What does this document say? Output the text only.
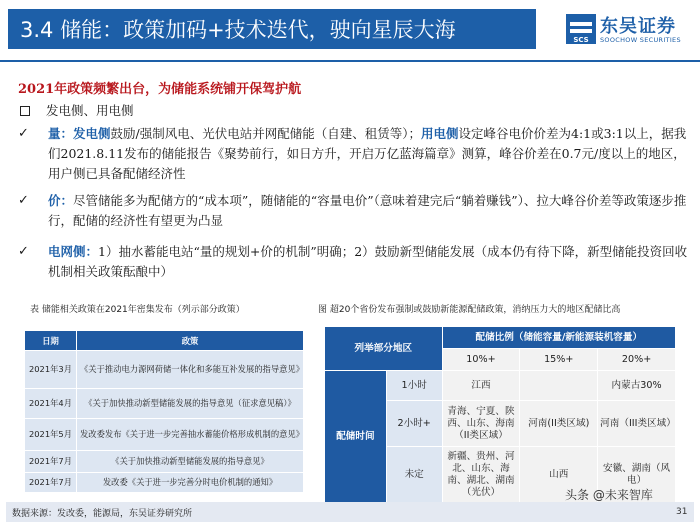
3.4 储能：政策加码+技术迭代，驶向星辰大海	SCS
东吴证券
SOOCHOW SECURITIES
2021年政策频繁出台，为储能系统铺开保驾护航
发电侧、用电侧
✓	量：发电侧鼓励/强制风电、光伏电站并网配储能（自建、租赁等）；用电侧设定峰谷电价价差为4:1或3:1以上，据我们2021.8.11发布的储能报告《聚势前行，如日方升，开启万亿蓝海篇章》测算，峰谷价差在0.7元/度以上的地区，用户侧已具备配储经济性
✓	价：尽管储能多为配储方的“成本项”，随储能的“容量电价”（意味着建完后“躺着赚钱”）、拉大峰谷价差等政策逐步推行，配储的经济性有望更为凸显
✓	电网侧：1）抽水蓄能电站“量的规划+价的机制”明确；2）鼓励新型储能发展（成本仍有待下降，新型储能投资回收机制相关政策酝酿中）
表 储能相关政策在2021年密集发布（列示部分政策）	图 超20个省份发布强制或鼓励新能源配储政策，消纳压力大的地区配储比高
日期	政策
2021年3月	《关于推动电力源网荷储一体化和多能互补发展的指导意见》
2021年4月	《关于加快推动新型储能发展的指导意见（征求意见稿）》
2021年5月	发改委发布《关于进一步完善抽水蓄能价格形成机制的意见》
2021年7月	《关于加快推动新型储能发展的指导意见》
2021年7月	发改委《关于进一步完善分时电价机制的通知》
列举部分地区		配储比例（储能容量/新能源装机容量）		
		10%+	15%+	20%+
配储时间	1小时	江西		内蒙古30%
	2小时+	青海、宁夏、陕西、山东、海南（II类区域）	河南(II类区域)	河南（III类区域）
	未定	新疆、贵州、河北、山东、海南、湖北、湖南（光伏）	山西	安徽、湖南（风电）
数据来源：发改委，能源局，东吴证券研究所
头条 @未来智库
31
